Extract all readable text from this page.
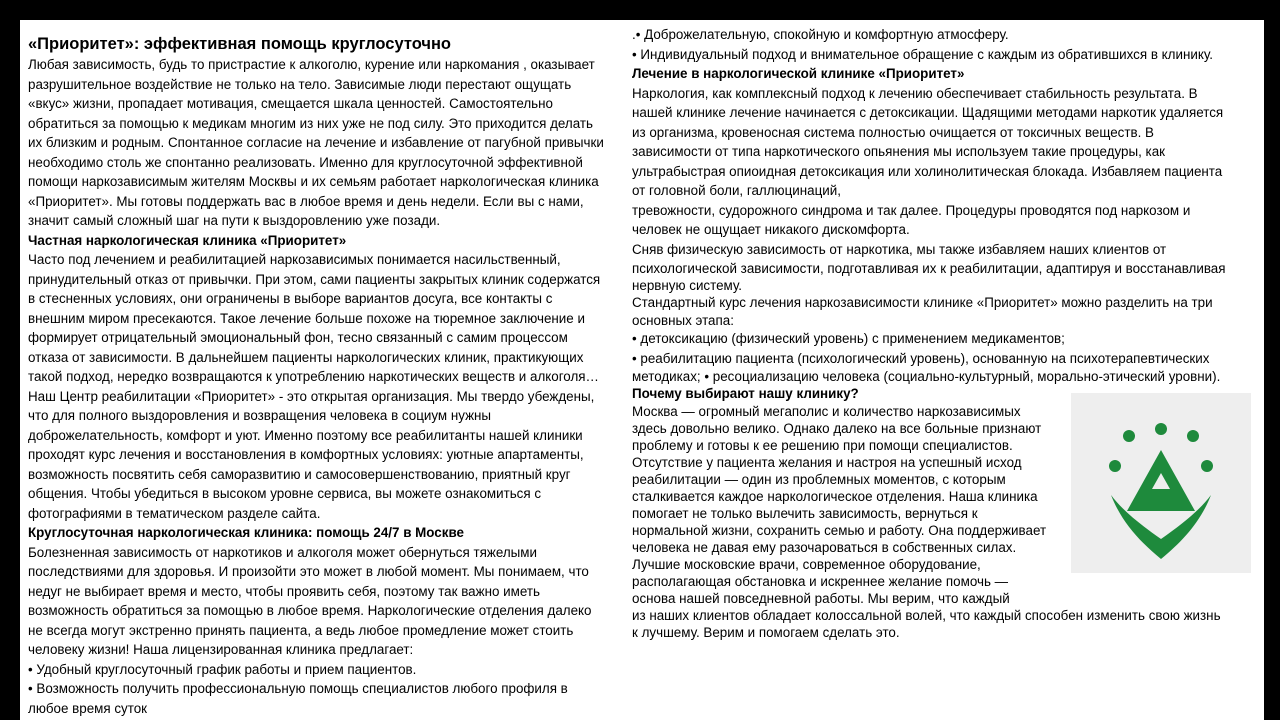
«Приоритет»: эффективная помощь круглосуточно
Любая зависимость, будь то пристрастие к алкоголю, курение или наркомания , оказывает
разрушительное воздействие не только на тело. Зависимые люди перестают ощущать
«вкус» жизни, пропадает мотивация, смещается шкала ценностей. Самостоятельно
обратиться за помощью к медикам многим из них уже не под силу. Это приходится делать
их близким и родным. Спонтанное согласие на лечение и избавление от пагубной привычки
необходимо столь же спонтанно реализовать. Именно для круглосуточной эффективной
помощи наркозависимым жителям Москвы и их семьям работает наркологическая клиника
«Приоритет». Мы готовы поддержать вас в любое время и день недели. Если вы с нами,
значит самый сложный шаг на пути к выздоровлению уже позади.
Частная наркологическая клиника «Приоритет»
Часто под лечением и реабилитацией наркозависимых понимается насильственный,
принудительный отказ от привычки. При этом, сами пациенты закрытых клиник содержатся
в стесненных условиях, они ограничены в выборе вариантов досуга, все контакты с
внешним миром пресекаются. Такое лечение больше похоже на тюремное заключение и
формирует отрицательный эмоциональный фон, тесно связанный с самим процессом
отказа от зависимости. В дальнейшем пациенты наркологических клиник, практикующих
такой подход, нередко возвращаются к употреблению наркотических веществ и алкоголя…
Наш Центр реабилитации «Приоритет» - это открытая организация. Мы твердо убеждены,
что для полного выздоровления и возвращения человека в социум нужны
доброжелательность, комфорт и уют. Именно поэтому все реабилитанты нашей клиники
проходят курс лечения и восстановления в комфортных условиях: уютные апартаменты,
возможность посвятить себя саморазвитию и самосовершенствованию, приятный круг
общения. Чтобы убедиться в высоком уровне сервиса, вы можете ознакомиться с
фотографиями в тематическом разделе сайта.
Круглосуточная наркологическая клиника: помощь 24/7 в Москве
Болезненная зависимость от наркотиков и алкоголя может обернуться тяжелыми
последствиями для здоровья. И произойти это может в любой момент. Мы понимаем, что
недуг не выбирает время и место, чтобы проявить себя, поэтому так важно иметь
возможность обратиться за помощью в любое время. Наркологические отделения далеко
не всегда могут экстренно принять пациента, а ведь любое промедление может стоить
человеку жизни! Наша лицензированная клиника предлагает:
• Удобный круглосуточный график работы и прием пациентов.
• Возможность получить профессиональную помощь специалистов любого профиля в
любое время суток
.• Доброжелательную, спокойную и комфортную атмосферу.
• Индивидуальный подход и внимательное обращение с каждым из обратившихся в клинику.
Лечение в наркологической клинике «Приоритет»
Наркология, как комплексный подход к лечению обеспечивает стабильность результата. В
нашей клинике лечение начинается с детоксикации. Щадящими методами наркотик удаляется
из организма, кровеносная система полностью очищается от токсичных веществ. В
зависимости от типа наркотического опьянения мы используем такие процедуры, как
ультрабыстрая опиоидная детоксикация или холинолитическая блокада. Избавляем пациента
от головной боли, галлюцинаций,
тревожности, судорожного синдрома и так далее. Процедуры проводятся под наркозом и
человек не ощущает никакого дискомфорта.
Сняв физическую зависимость от наркотика, мы также избавляем наших клиентов от
психологической зависимости, подготавливая их к реабилитации, адаптируя и восстанавливая
нервную систему.
Стандартный курс лечения наркозависимости клинике «Приоритет» можно разделить на три
основных этапа:
• детоксикацию (физический уровень) с применением медикаментов;
• реабилитацию пациента (психологический уровень), основанную на психотерапевтических
методиках; • ресоциализацию человека (социально-культурный, морально-этический уровни).
Почему выбирают нашу клинику?
Москва — огромный мегаполис и количество наркозависимых
здесь довольно велико. Однако далеко на все больные признают
проблему и готовы к ее решению при помощи специалистов.
Отсутствие у пациента желания и настроя на успешный исход
реабилитации — один из проблемных моментов, с которым
сталкивается каждое наркологическое отделения. Наша клиника
помогает не только вылечить зависимость, вернуться к
нормальной жизни, сохранить семью и работу. Она поддерживает
человека не давая ему разочароваться в собственных силах.
Лучшие московские врачи, современное оборудование,
располагающая обстановка и искреннее желание помочь —
основа нашей повседневной работы. Мы верим, что каждый
из наших клиентов обладает колоссальной волей, что каждый способен изменить свою жизнь
к лучшему. Верим и помогаем сделать это.
